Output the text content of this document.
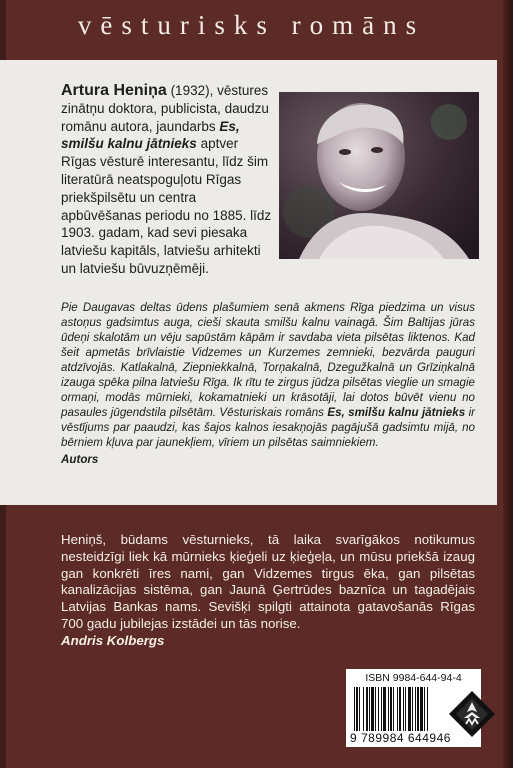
vēsturisks romāns
Artura Heniņa (1932), vēstures zinātņu doktora, publicista, daudzu romānu autora, jaundarbs Es, smilšu kalnu jātnieks aptver Rīgas vēsturē interesantu, līdz šim literatūrā neatspoguļotu Rīgas priekšpilsētu un centra apbūvēšanas periodu no 1885. līdz 1903. gadam, kad sevi piesaka latviešu kapitāls, latviešu arhitekti un latviešu būvuzņēmēji.
Pie Daugavas deltas ūdens plašumiem senā akmens Rīga piedzima un visus astoņus gadsimtus auga, cieši skauta smilšu kalnu vainagā. Šim Baltijas jūras ūdeņi skalotām un vēju sapūstām kāpām ir savdaba vieta pilsētas liktenos. Kad šeit apmetās brīvlaistie Vidzemes un Kurzemes zemnieki, bezvārda pauguri atdzīvojās. Katlakalnā, Ziepniekkalnā, Torņakalnā, Dzegužkalnā un Grīziņkalnā izauga spēka pilna latviešu Rīga. Ik rītu te zirgus jūdza pilsētas vieglie un smagie ormaņi, modās mūrnieki, kokamatnieki un krāsotāji, lai dotos būvēt vienu no pasaules jūgendstila pilsētām. Vēsturiskais romāns Es, smilšu kalnu jātnieks ir vēstījums par paaudzi, kas šajos kalnos iesakņojās pagājušā gadsimtu mijā, no bērniem kļuva par jaunekļiem, vīriem un pilsētas saimniekiem.
Autors
Heniņš, būdams vēsturnieks, tā laika svarīgākos notikumus nesteidzīgi liek kā mūrnieks ķieģeli uz ķieģeļa, un mūsu priekšā izaug gan konkrēti īres nami, gan Vidzemes tirgus ēka, gan pilsētas kanalizācijas sistēma, gan Jaunā Ģertrūdes baznīca un tagadējais Latvijas Bankas nams. Sevišķi spilgti attainota gatavošanās Rīgas 700 gadu jubilejas izstādei un tās norise.
Andris Kolbergs
ISBN 9984-644-94-4
9 789984 644946
